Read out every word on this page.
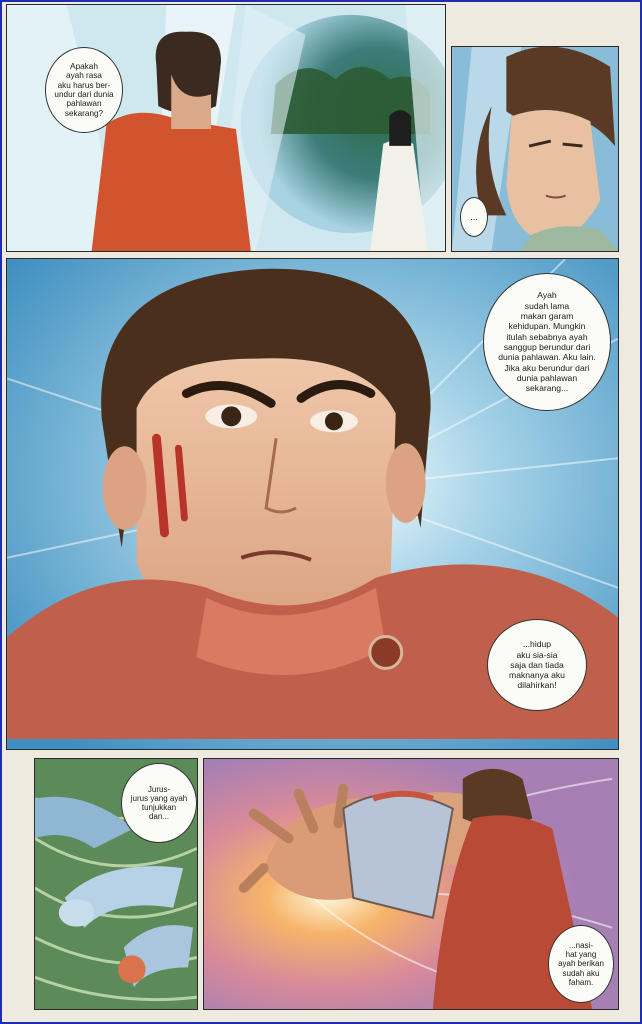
Apakah
ayah rasa
aku harus ber-
undur dari dunia
pahlawan
sekarang?
...
Ayah
sudah lama
makan garam
kehidupan. Mungkin
itulah sebabnya ayah
sanggup berundur dari
dunia pahlawan. Aku lain.
Jika aku berundur dari
dunia pahlawan
sekarang...
...hidup
aku sia-sia
saja dan tiada
maknanya aku
dilahirkan!
Jurus-
jurus yang ayah
tunjukkan
dan...
...nasi-
hat yang
ayah berikan
sudah aku
faham.
